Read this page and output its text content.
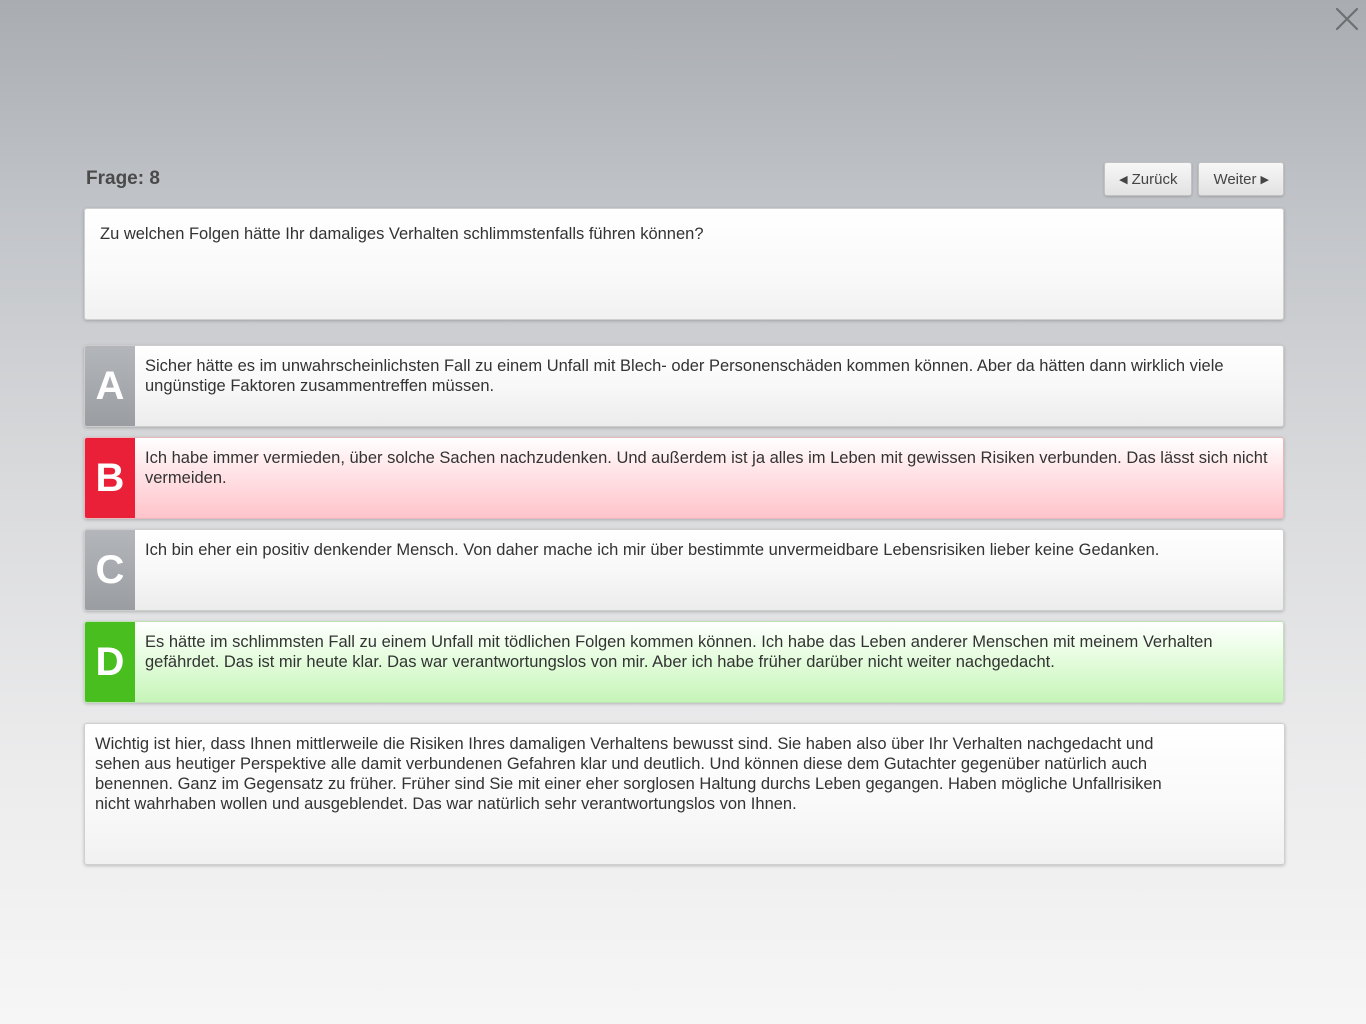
Frage: 8	◀ Zurück Weiter ▶
Zu welchen Folgen hätte Ihr damaliges Verhalten schlimmstenfalls führen können?
A	Sicher hätte es im unwahrscheinlichsten Fall zu einem Unfall mit Blech- oder Personenschäden kommen können. Aber da hätten dann wirklich viele ungünstige Faktoren zusammentreffen müssen.
B	Ich habe immer vermieden, über solche Sachen nachzudenken. Und außerdem ist ja alles im Leben mit gewissen Risiken verbunden. Das lässt sich nicht vermeiden.
C	Ich bin eher ein positiv denkender Mensch. Von daher mache ich mir über bestimmte unvermeidbare Lebensrisiken lieber keine Gedanken.
D	Es hätte im schlimmsten Fall zu einem Unfall mit tödlichen Folgen kommen können. Ich habe das Leben anderer Menschen mit meinem Verhalten gefährdet. Das ist mir heute klar. Das war verantwortungslos von mir. Aber ich habe früher darüber nicht weiter nachgedacht.
Wichtig ist hier, dass Ihnen mittlerweile die Risiken Ihres damaligen Verhaltens bewusst sind. Sie haben also über Ihr Verhalten nachgedacht und sehen aus heutiger Perspektive alle damit verbundenen Gefahren klar und deutlich. Und können diese dem Gutachter gegenüber natürlich auch benennen. Ganz im Gegensatz zu früher. Früher sind Sie mit einer eher sorglosen Haltung durchs Leben gegangen. Haben mögliche Unfallrisiken nicht wahrhaben wollen und ausgeblendet. Das war natürlich sehr verantwortungslos von Ihnen.
